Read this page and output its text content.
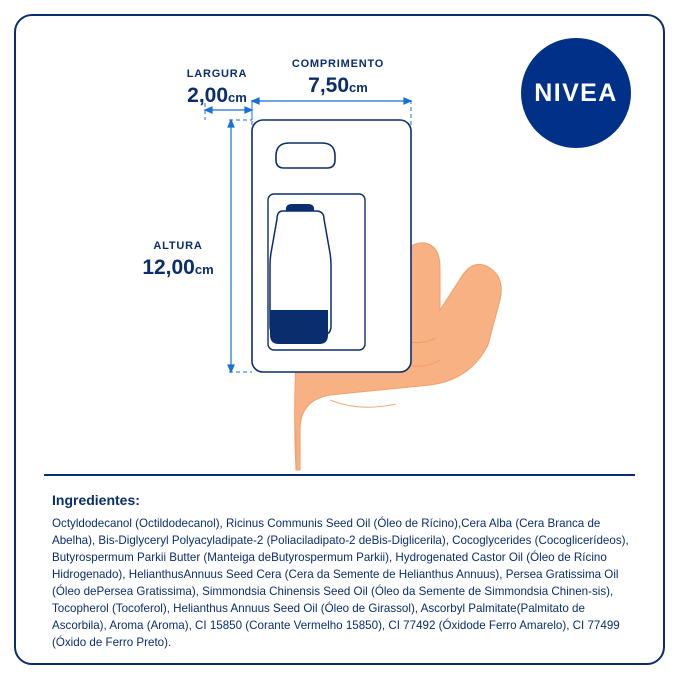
NIVEA
COMPRIMENTO
7,50cm
LARGURA
2,00cm
ALTURA
12,00cm
Ingredientes:
Octyldodecanol (Octildodecanol), Ricinus Communis Seed Oil (Óleo de Rícino),Cera Alba (Cera Branca de Abelha), Bis-Diglyceryl Polyacyladipate-2 (Poliaciladipato-2 deBis-Diglicerila), Cocoglycerides (Cocoglicerídeos), Butyrospermum Parkii Butter (Manteiga deButyrospermum Parkii), Hydrogenated Castor Oil (Óleo de Rícino Hidrogenado), HelianthusAnnuus Seed Cera (Cera da Semente de Helianthus Annuus), Persea Gratissima Oil (Óleo dePersea Gratissima), Simmondsia Chinensis Seed Oil (Óleo da Semente de Simmondsia Chinen-sis), Tocopherol (Tocoferol), Helianthus Annuus Seed Oil (Óleo de Girassol), Ascorbyl Palmitate(Palmitato de Ascorbila), Aroma (Aroma), CI 15850 (Corante Vermelho 15850), CI 77492 (Óxidode Ferro Amarelo), CI 77499 (Óxido de Ferro Preto).
